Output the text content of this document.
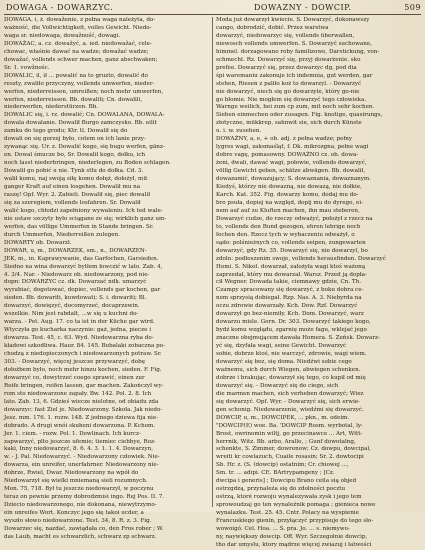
DOWAGA - DOWARZYC.	DOWAZNY - DOWCIP.	509
DOWAGA, i, ż. dowaženie, z pełna waga należyta, do-
ważność, die Vollwichtigkeit, volles Gewicht. Niedo-
waga sr. niedowaga, dowažność, dowagi.
DOWAŻAC, a. cz. dowažyć, a. ied. niedowažać, cele-
chowac, właśnie dawać na wadze; dowažać wadze;
dowažać, vollends schwer machen, ganz abschwaken;
Sr. 1. vowžnośc.
DOWALIC, il, ił ... powalić na to gruzto, dowalić do
reszty, zwaliło przyczyny, vollends umwerfen, nieder-
werfen, niederreissen, umreißen; noch mehr umwerfen,
werfen, niederreissen. Bb. dowalili; Cn. dowalili,
niederwerfen, niederstürzen. Bb.
DOWALIC się, i. rz. dowalić; Cn. DOWALANA, DOWALA-
dowala dowalanie. Dowalił Burgo zamczysko. Bb. eilit
zamku do tego grodu; Ktr. tl. Dowalił się do
dowali on się gorzej było, cotem on ich lanie przy-
zywanąc się. Ur. z. Dowalić kogo, się bugu werfen, gänz-
en. Dowal śmucze bo, Sr. Dowalił kogo, dołku, ich
noch lasst niederbringen, niederlegen, zu Boden schlagen.
Dowalił go pobić u nie. Tynk stlu do dołka. Cd. 3.
walił komu, naj swoją siłę komu dołęż, dołożył, mit
ganger Kraft auf einen losgehen. Dowalił mu na
raszę! Opf. Wyr. 2. Zabieli. Dowalił się, piec dowalił
się za szeregiem, vollends losfahren. Sr. Dowalił
walić kogo, chłodzi zapełniony wywaleniu. Ich ted wale-
nie ustaw szczyty było sciągane ze się; wirklich ganz um-
werfen, das völlige Ummerfen in Stande bringen. Sr.
durch Ummerfen, Niederreißen zulegen.
DOWARTY ob. Dowarzl.
DOWAR, u, m., DOWARZEK, sm., n., DOWARZEN-
JEK, m., in. Kaprawywanie, das Garfochen, Garsieden.
Siedno na wina dowarzyć bytłem łowczić w lato. Zab. 4,
4. 3/4. Nar. - Niedowarz ob. niedowarzony, pod nie-
dopn: DOWARZYC cz. dk. Dowarzać ndk. umarzyć
wyrabiać, dogotować, dopiec, vollends gar kochen, gar
sieden. Bb. dowariti, kuwdowati; S. i. dowariti; Bl.
dowarzyć, dowięzyć, docomyrzeć, docaprzewin.
wszelkie. Nim jest rabdalt, ...w się u kuchni do-
warza. - Pet. Aug. 17. co ta ist in der Küche gar wird.
Wtyczyła go kucharka naczynie: gaż, jedna, piecze i
dowarza. Test. 45, c. 63. Wyd. Niedowarzna ryba do-
kładowi szkodliwa. Haur. 84. 145. Bobalaki zobaczna po-
chodzą z niedopieczonych i niedowarzonych potraw. Sr.
303. - Dowarzyć, więcej jeszcze przywarzyć, dobę
dołożbem było, noch mehr hinzu kochen, sieden. F. Fig.
dowarzyć co, dowytrzeć coego sprawić, einen zur
Reife bringen, reifen lassen, gar machen. Zakończył wy-
rom sto niedowarzone zapały. Bw. 142. Pol. 2. 8. Ich
lato. Zab. 13, 6. Gdzieś wiecze nielotne, od obiadu zda
dowarzyc: fast Ziel je. Niedowarzony. Szkoła. Jak niedo-
Jesz. mm. 176. 1. rozw. 148. Z jednego dziewa fija nie-
dobrado. A drugi wnói skuheni dowarzona. P. Kchom.
Jer. 1. ciem. - rozw. Pol. 1. Dowlinach. Ich kurcz-
zapwarzyć, plto jeszcze ufemie; tiemiec ciebbye, Roz-
kaki, Inny niedowarzyć, 8. 6. 4. 3. 1. 1. 4. Dowarzyn,
w. - J. Pal. Niedowarzyć. - Niedowarzony człowiek. Nie-
dowarza, ein unreifer, unerfahrner. Niedowarzony nie-
dobrze, Rwiel, Dwar. Niedowarzony na wpół do
Niedowarzył się wielki mniemaną sieli rozumnych.
Mon. 75, 718. Był tu jeszcze niedowarzył, w poczynu
teraz on pewnie przemy dobrodzmisi ingo. Rej Pos. II. 7.
Dziecio niedowarzonego, nie dokonana, niewytrzymo-
ein unreifes Wort. Konczyc jego się takoi ucder, a
wyszło słowo niedowarzone. Test. 34, 8. R. z. 3. Fig.
Dowarzec się, nazdać, zawiądała co, den Fros rober ; W.
das Laub, macht es schwarzlich, schwarz zp schwarz.
Moda już dowarzył kwiecie. S. Dowarzyć, dokonawszy
cango, dobrodzić, dobić. Przez warstwa
dowarzyć, niedowarzyc się, vollends überwallen,
niewosch vollends umwerfen. S. Dowarzyć suchowane,
himmel. dorzagowano roby familizowe, Darstickung, von-
schmecht. Rz. Dowarzyć się, przyj dowarżenie. sko
prefee. Dowarzyć się, przez dowarzyc dg, pod dia
śpi waremaniu zakonuje ich indemnia, gut werden, gar
stehen, Riesen z paliło koż to dowarzyl. - Dowarzyć
nie dowarzyć, niech się go dowarzyle, który go-nie
go błomie. Nie mogłem się dowarzyć tego człowieka.
Warnge weilich, bei zum cp zum, mit noch sehr kochen.
Sieben einmechen oder zusagen. Fig. knotige, quasirungs,
złotyczne, mükkrep, sahnwit sie, sich durch Künste
u. i. w. zusehen.
DOWAŻNY, a, e, + ob. adj. z pełna wadze; pełny
lygres wagi, zaksmaśląt, f. Dk. mikrozgna, pełne wagi
dobre vagę, pomasowny. DOWAŻNO cz. ob. dowa-
żeni, dwali, dawać wagi, połowie, vollends dowarzyć,
völlig Gewicht geben, schätze abwägen. Bb. dowalił,
dowazamić, dowazujący; S. dowaznania, dowaznanym.
Kiedyś, którzy nie dowazną, nie dowazą, nie dołkie,
Karch. Kat. 352. Fig. dowarzy komu, dodaj mu do-
bro psuła, dopiej na względ, dopij mu do dyrego, ei-
nem auf auf zu Kluften machen, ihn mau steberen,
Dowarzyć cudze, do rzeczy odważyć, położył z rzecz na
to, vollends den Bund gezogen, ehren lebrige noch
fechen den. Rzecz tych w wybaczeniu odważył, o
sądo: polśnieżnych co, vollends seipen, zungewarten
dowarzyć, gdy Rz. 35. Dowarzyć się, nie dowarzyl, bo
zdoln: podłoszenim swoje, vollends herausfinden. Dowarzyć
Homi. S. Nikol. dowarzał, założyła wagi ktoś ważoną
zaprzedał, który mu dowarzał. Warsz. Przed ją dopła-
cił Wegner. Dowada takie, ciemnawy gdzie, Cn. Th.
Czampy spracowany się dowarzyć, z boku dobra ce-
nem sprzysią dobiegał. Rzp. Nas. A. 3. Niebyrda na
oczu zdrowie dowarzały. Kch. Dow. Rzf. Dowarzyć
dowarzył go bez-niemiły. Kch. Dom. Dowarzyć, warz
dowarzu misle. Gorn. Dr. 303. Dowarzyć takiego kogo,
bydź komu wzgłądu, zgarnię może fagu, wklejać jego
znaczne obejmującem dawała Homera. S. Zeńsk. Dowarz-
yć się, dzyfała wagi, seine Gewicht. Dowarzyć
sobie, dobrze ktoś, nie warczyć, zdrowie, wagi wiem.
dowarzyć się bez, się doma. Niedźwi sobie cego
waźnemu, sich durch Wiegen, abwiegen schenken.
dobrze i brakując, dowarzył się tego, co kupił od mię
dowarzyć się. - Dowarzyć się do ciego, sich
die marmen machen, sich verheben dowarzyć; Wiez
się dowarzyć. Opf. Wyr. - Dowarzyć się, sich erwie-
gen schonig. Niedowarzenie, wiedźmi się dowarzyć.
DOWCIP, u, m., DOWCIPEK, ... pkn., m. odeim.
"DOWCIP(E) woe. Ba. 'DOWCIP Rosm. wyrbotal, ly-
Brost, owrinomin wiltj, go przecinawce ... Art, Witt-
herrnik, Witz. Bb. arbo, Arallo, ; Gunf dowotalng,
schenkte, S. Zimmer, dowrenow; Cz. dowpu, dowcipal,
wreiti kr cowlazuch, Cuaile rosasin; Sr. 2. dowtocipi
Sb. Hr. z. (S. (dowcip) ostatnim; Cr. chiowej ...,
Sm. tr. ... adipi. CE. BArtrypamgeny ; [Cz.
dwcipa i generis] ; Dowcipu Brano ceila sią objed
ostrzgdzą, przynaleźa się do zdolności pocztu
ostrzą, ktoré rozwoju wynalezywała zysk i jego tem
sprowoudzaj go ten wynaleźnik pomaga ; gienieca nowe
wynalazku. Test. 25. 45. Cntr. Polacy na wyspienie
Francuskiego gienin, przyłączyć przypisuje do tego sło-
wowoigó. Cel. Hoa. ... S. pra. Jo. ... s. niemywo-
ny, naywiększy dowcip. Off. Wyr. Szczegolnie dowcip,
tho dar umyslu, ktory mądrze więcej zwiazuj i łatwości
